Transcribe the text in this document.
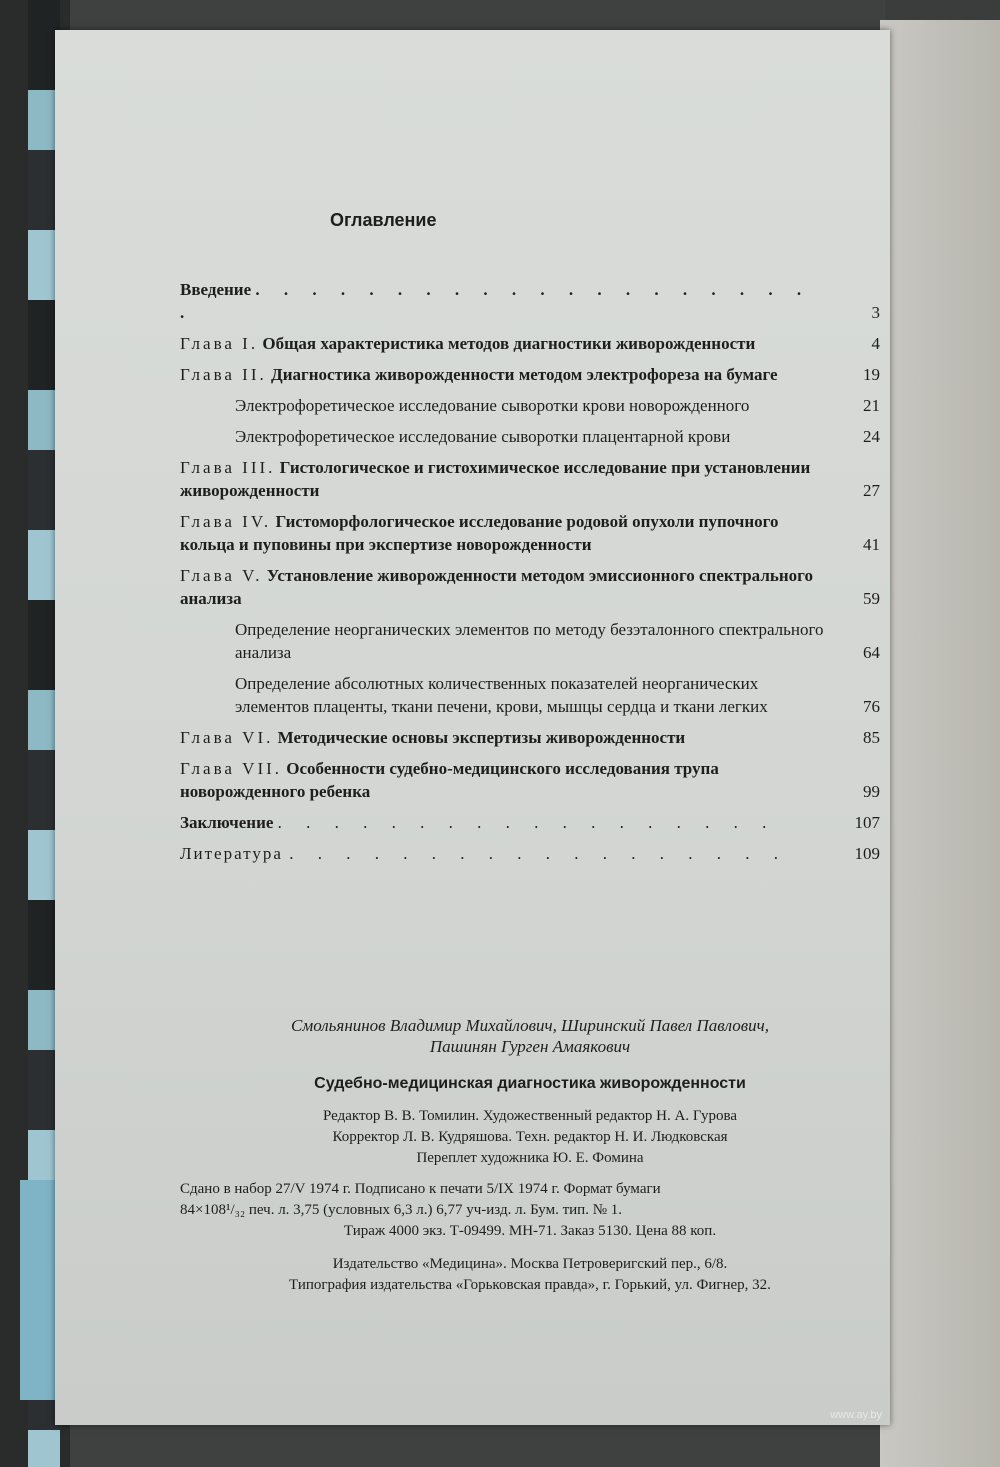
www.ay.by
Оглавление
Введение . . . . . . . . . . . . . . . . . . . . .	3
Глава I. Общая характеристика методов диагностики живорожденности	4
Глава II. Диагностика живорожденности методом электрофореза на бумаге	19
Электрофоретическое исследование сыворотки крови новорожденного	21
Электрофоретическое исследование сыворотки плацентарной крови	24
Глава III. Гистологическое и гистохимическое исследование при установлении живорожденности	27
Глава IV. Гистоморфологическое исследование родовой опухоли пупочного кольца и пуповины при экспертизе новорожденности	41
Глава V. Установление живорожденности методом эмиссионного спектрального анализа	59
Определение неорганических элементов по методу безэталонного спектрального анализа	64
Определение абсолютных количественных показателей неорганических элементов плаценты, ткани печени, крови, мышцы сердца и ткани легких	76
Глава VI. Методические основы экспертизы живорожденности	85
Глава VII. Особенности судебно-медицинского исследования трупа новорожденного ребенка	99
Заключение . . . . . . . . . . . . . . . . . .	107
Литература . . . . . . . . . . . . . . . . . .	109
Смольянинов Владимир Михайлович, Ширинский Павел Павлович,
Пашинян Гурген Амаякович
Судебно-медицинская диагностика живорожденности
Редактор В. В. Томилин. Художественный редактор Н. А. Гурова
Корректор Л. В. Кудряшова. Техн. редактор Н. И. Людковская
Переплет художника Ю. Е. Фомина
Сдано в набор 27/V 1974 г. Подписано к печати 5/IX 1974 г. Формат бумаги
84×108¹/₃₂ печ. л. 3,75 (условных 6,3 л.) 6,77 уч-изд. л. Бум. тип. № 1.
Тираж 4000 экз. Т-09499. МН-71. Заказ 5130. Цена 88 коп.
Издательство «Медицина». Москва Петроверигский пер., 6/8.
Типография издательства «Горьковская правда», г. Горький, ул. Фигнер, 32.
